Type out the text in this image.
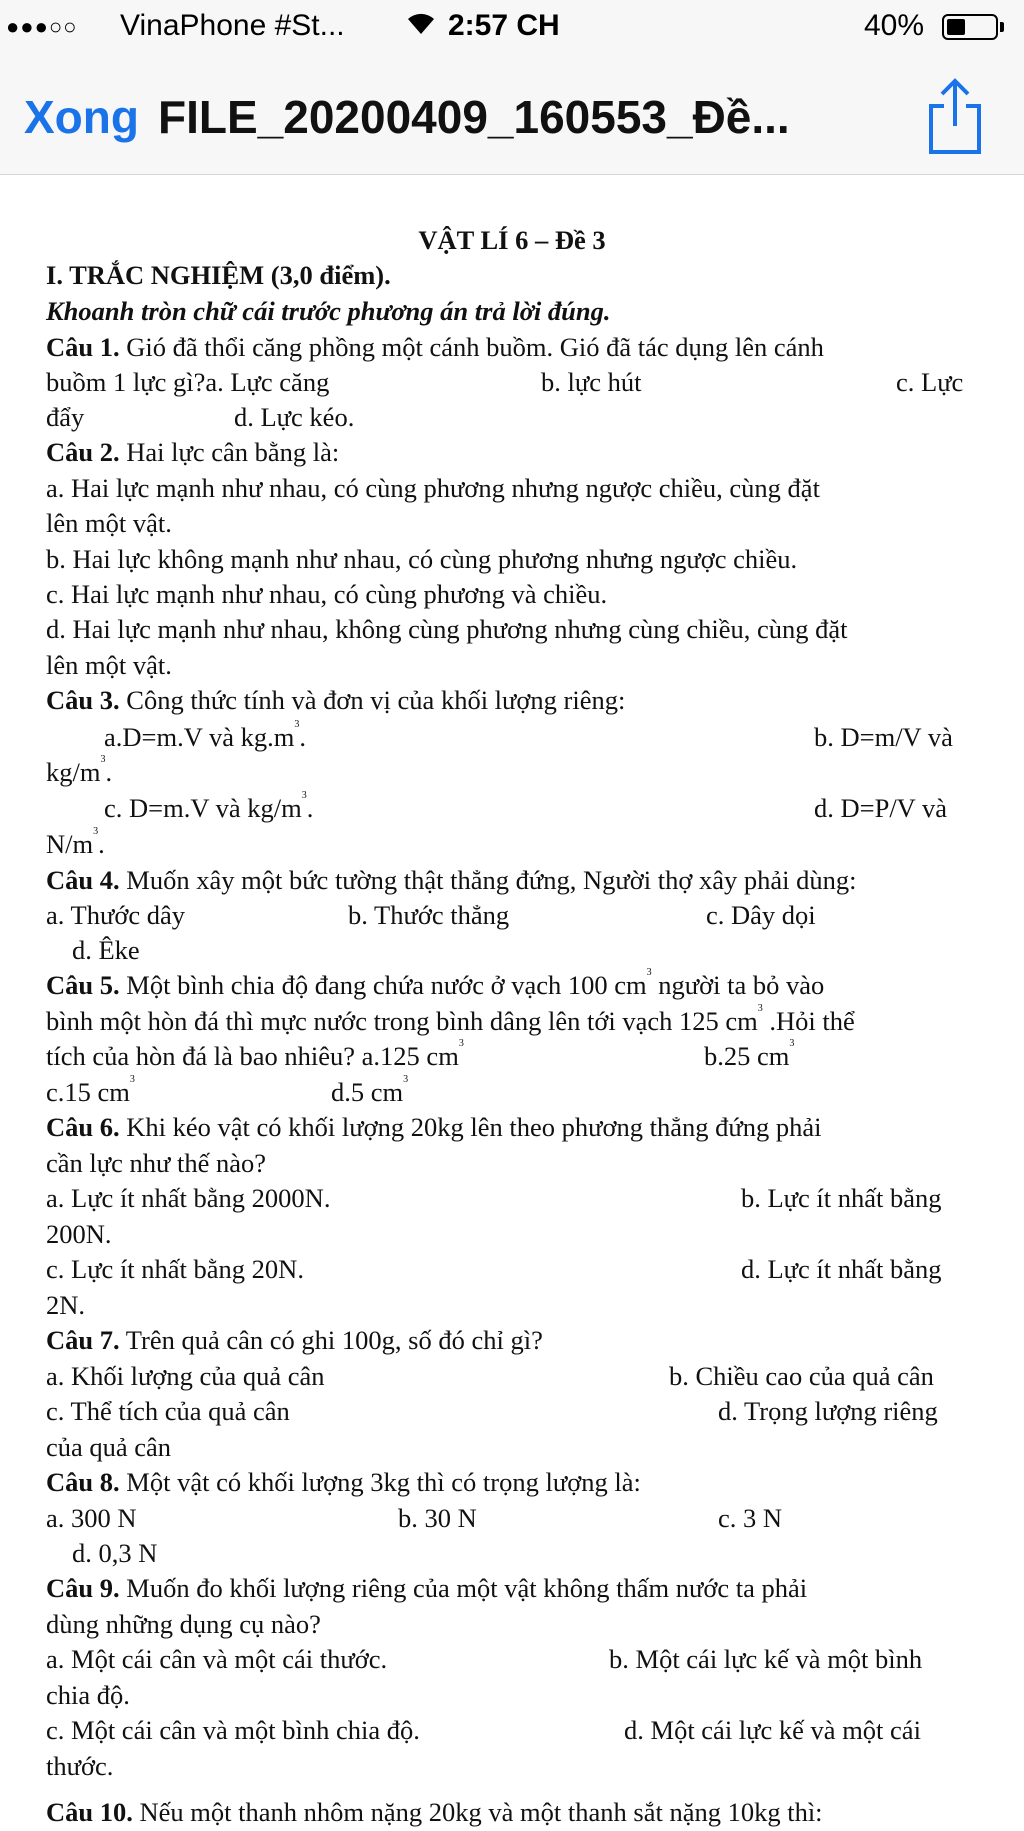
●●●○○ VinaPhone #St...	2:57 CH	40%
Xong FILE_20200409_160553_Đề...
VẬT LÍ 6 – Đề 3
I. TRẮC NGHIỆM (3,0 điểm).
Khoanh tròn chữ cái trước phương án trả lời đúng.
Câu 1. Gió đã thổi căng phồng một cánh buồm. Gió đã tác dụng lên cánh
buồm 1 lực gì?a. Lực căng	b. lực hút	c. Lực
đẩy	d. Lực kéo.
Câu 2. Hai lực cân bằng là:
a. Hai lực mạnh như nhau, có cùng phương nhưng ngược chiều, cùng đặt
lên một vật.
b. Hai lực không mạnh như nhau, có cùng phương nhưng ngược chiều.
c. Hai lực mạnh như nhau, có cùng phương và chiều.
d. Hai lực mạnh như nhau, không cùng phương nhưng cùng chiều, cùng đặt
lên một vật.
Câu 3. Công thức tính và đơn vị của khối lượng riêng:
a.D=m.V và $kg.m^3$.	b. D=m/V và
$kg/m^3$.
c. D=m.V và $kg/m^3$.	d. D=P/V và
$N/m^3$.
Câu 4. Muốn xây một bức tường thật thẳng đứng, Người thợ xây phải dùng:
a. Thước dây	b. Thước thẳng	c. Dây dọi
d. Êke
Câu 5. Một bình chia độ đang chứa nước ở vạch 100 $cm^3$ người ta bỏ vào
bình một hòn đá thì mực nước trong bình dâng lên tới vạch 125 $cm^3$ .Hỏi thể
tích của hòn đá là bao nhiêu? a.125 $cm^3$	b.25 $cm^3$
c.15 $cm^3$	d.5 $cm^3$
Câu 6. Khi kéo vật có khối lượng 20kg lên theo phương thẳng đứng phải
cần lực như thế nào?
a. Lực ít nhất bằng 2000N.	b. Lực ít nhất bằng
200N.
c. Lực ít nhất bằng 20N.	d. Lực ít nhất bằng
2N.
Câu 7. Trên quả cân có ghi 100g, số đó chỉ gì?
a. Khối lượng của quả cân	b. Chiều cao của quả cân
c. Thể tích của quả cân	d. Trọng lượng riêng
của quả cân
Câu 8. Một vật có khối lượng 3kg thì có trọng lượng là:
a. 300 N	b. 30 N	c. 3 N
d. 0,3 N
Câu 9. Muốn đo khối lượng riêng của một vật không thấm nước ta phải
dùng những dụng cụ nào?
a. Một cái cân và một cái thước.	b. Một cái lực kế và một bình
chia độ.
c. Một cái cân và một bình chia độ.	d. Một cái lực kế và một cái
thước.
Câu 10. Nếu một thanh nhôm nặng 20kg và một thanh sắt nặng 10kg thì:
